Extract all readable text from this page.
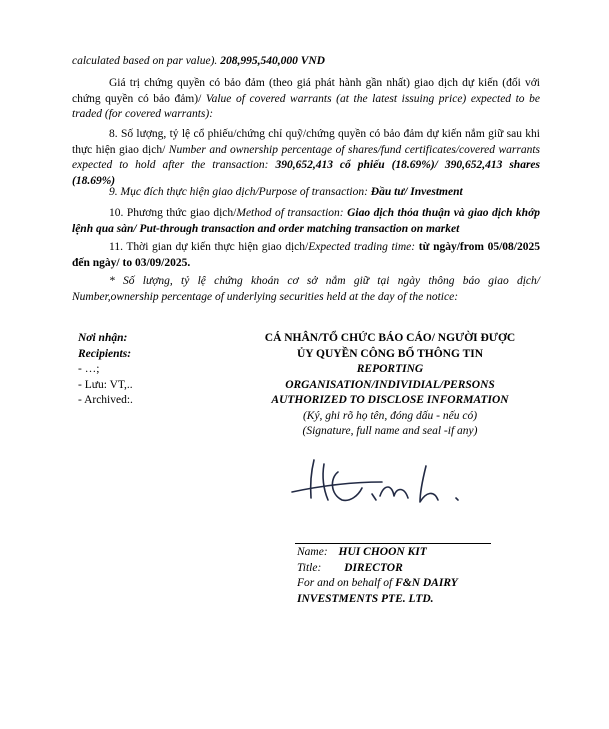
calculated based on par value). 208,995,540,000 VND
Giá trị chứng quyền có bảo đảm (theo giá phát hành gần nhất) giao dịch dự kiến (đối với chứng quyền có bảo đảm)/ Value of covered warrants (at the latest issuing price) expected to be traded (for covered warrants):
8. Số lượng, tỷ lệ cổ phiếu/chứng chỉ quỹ/chứng quyền có bảo đảm dự kiến nắm giữ sau khi thực hiện giao dịch/ Number and ownership percentage of shares/fund certificates/covered warrants expected to hold after the transaction: 390,652,413 cổ phiếu (18.69%)/ 390,652,413 shares (18.69%)
9. Mục đích thực hiện giao dịch/Purpose of transaction: Đầu tư/ Investment
10. Phương thức giao dịch/Method of transaction: Giao dịch thỏa thuận và giao dịch khớp lệnh qua sàn/ Put-through transaction and order matching transaction on market
11. Thời gian dự kiến thực hiện giao dịch/Expected trading time: từ ngày/from 05/08/2025 đến ngày/ to 03/09/2025.
* Số lượng, tỷ lệ chứng khoán cơ sở nắm giữ tại ngày thông báo giao dịch/ Number,ownership percentage of underlying securities held at the day of the notice:
Nơi nhận:
Recipients:
- …;
- Lưu: VT,..
- Archived:.
CÁ NHÂN/TỔ CHỨC BÁO CÁO/ NGƯỜI ĐƯỢC
ỦY QUYỀN CÔNG BỐ THÔNG TIN
REPORTING
ORGANISATION/INDIVIDIAL/PERSONS
AUTHORIZED TO DISCLOSE INFORMATION
(Ký, ghi rõ họ tên, đóng dấu - nếu có)
(Signature, full name and seal -if any)
Name: HUI CHOON KIT
Title: DIRECTOR
For and on behalf of F&N DAIRY
INVESTMENTS PTE. LTD.
